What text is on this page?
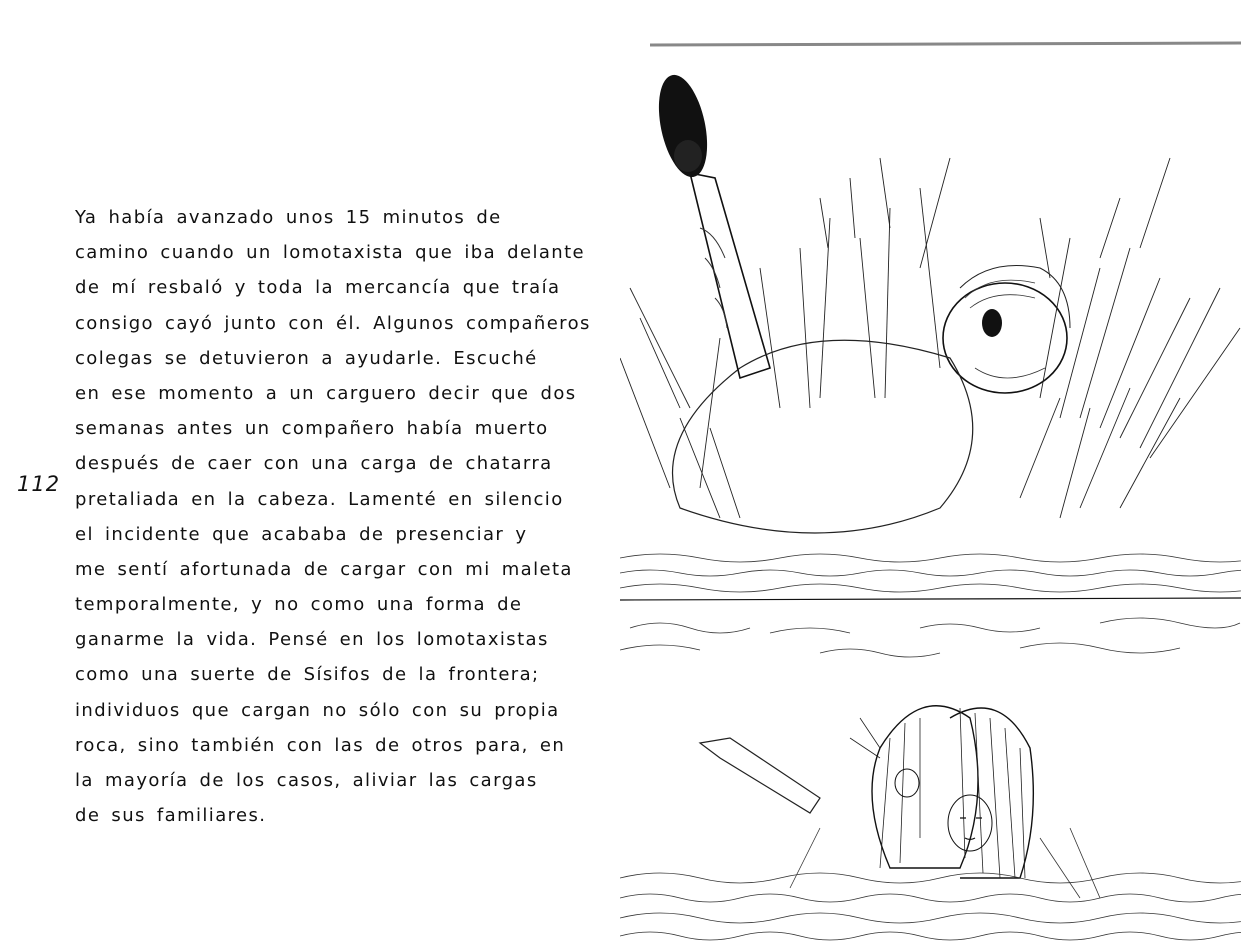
112
Ya había avanzado unos 15 minutos de
camino cuando un lomotaxista que iba delante
de mí resbaló y toda la mercancía que traía
consigo cayó junto con él. Algunos compañeros
colegas se detuvieron a ayudarle. Escuché
en ese momento a un carguero decir que dos
semanas antes un compañero había muerto
después de caer con una carga de chatarra
pretaliada en la cabeza. Lamenté en silencio
el incidente que acababa de presenciar y
me sentí afortunada de cargar con mi maleta
temporalmente, y no como una forma de
ganarme la vida. Pensé en los lomotaxistas
como una suerte de Sísifos de la frontera;
individuos que cargan no sólo con su propia
roca, sino también con las de otros para, en
la mayoría de los casos, aliviar las cargas
de sus familiares.
